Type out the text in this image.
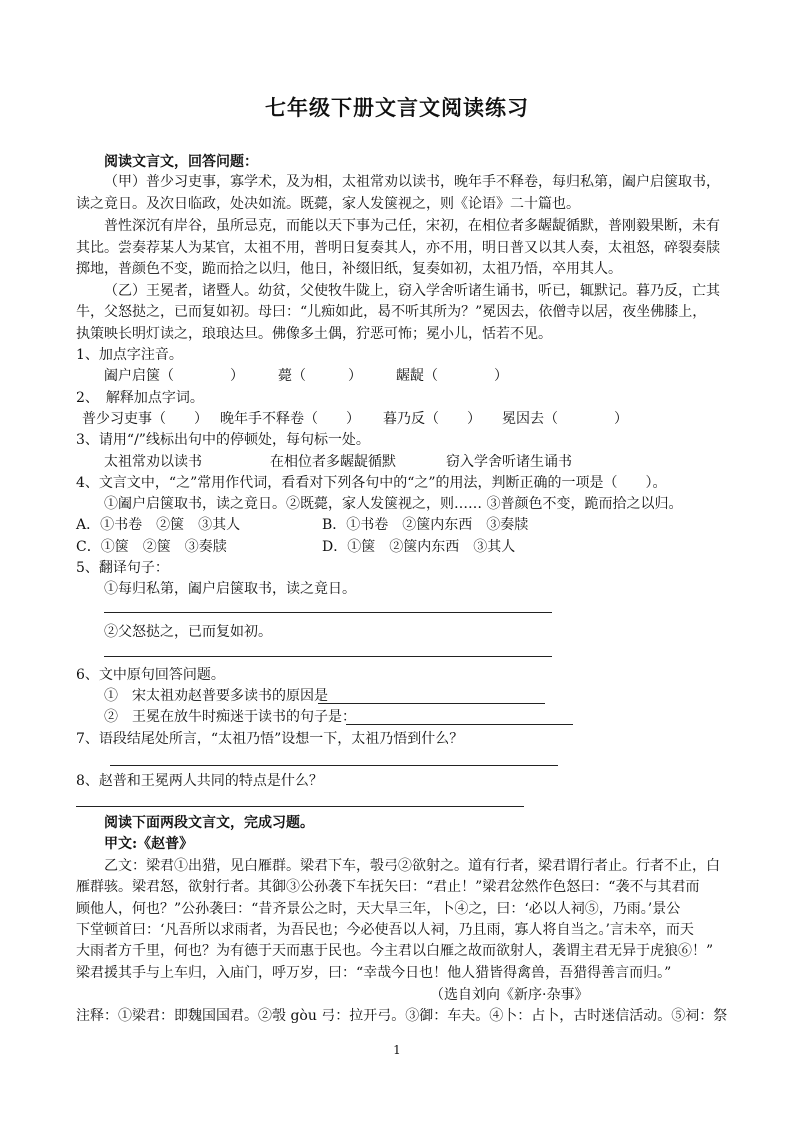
七年级下册文言文阅读练习
阅读文言文，回答问题：
（甲）普少习吏事，寡学术，及为相，太祖常劝以读书，晚年手不释卷，每归私第，阖户启箧取书，
读之竟日。及次日临政，处决如流。既薨，家人发箧视之，则《论语》二十篇也。
普性深沉有岸谷，虽所忌克，而能以天下事为己任，宋初，在相位者多龌龊循默，普刚毅果断，未有
其比。尝奏荐某人为某官，太祖不用，普明日复奏其人，亦不用，明日普又以其人奏，太祖怒，碎裂奏牍
掷地，普颜色不变，跪而拾之以归，他日，补缀旧纸，复奏如初，太祖乃悟，卒用其人。
（乙）王冕者，诸暨人。幼贫，父使牧牛陇上，窃入学舍听诸生诵书，听已，辄默记。暮乃反，亡其
牛，父怒挞之，已而复如初。母曰：“儿痴如此，曷不听其所为？”冕因去，依僧寺以居，夜坐佛膝上，
执策映长明灯读之，琅琅达旦。佛像多土偶，狞恶可怖；冕小儿，恬若不见。
1、加点字注音。
阖户启箧（　　　　） 薨（　　　） 龌龊（　　　　）
2、　解释加点字词。
普少习吏事（　　） 晚年手不释卷（　　） 暮乃反（　　） 冕因去（　　　　）
3、请用“/”线标出句中的停顿处，每句标一处。
太祖常劝以读书	在相位者多龌龊循默	窃入学舍听诸生诵书
4、文言文中，“之”常用作代词，看看对下列各句中的“之”的用法，判断正确的一项是（　　）。
①阖户启箧取书，读之竟日。②既薨，家人发箧视之，则…… ③普颜色不变，跪而拾之以归。
A．①书卷　②箧　③其人	B．①书卷　②箧内东西　③奏牍
C．①箧　②箧　③奏牍	D．①箧　②箧内东西　③其人
5、翻译句子：
①每归私第，阖户启箧取书，读之竟日。
②父怒挞之，已而复如初。
6、文中原句回答问题。
①　宋太祖劝赵普要多读书的原因是
②　王冕在放牛时痴迷于读书的句子是：
7、语段结尾处所言，“太祖乃悟”设想一下，太祖乃悟到什么？
8、赵普和王冕两人共同的特点是什么？
阅读下面两段文言文，完成习题。
甲文:《赵普》
乙文：梁君①出猎，见白雁群。梁君下车，彀弓②欲射之。道有行者，梁君谓行者止。行者不止，白
雁群骇。梁君怒，欲射行者。其御③公孙袭下车抚矢曰：“君止！”梁君忿然作色怒曰：“袭不与其君而
顾他人，何也？”公孙袭曰：“昔齐景公之时，天大旱三年，卜④之，曰：‘必以人祠⑤，乃雨。’景公
下堂顿首曰：‘凡吾所以求雨者，为吾民也；今必使吾以人祠，乃且雨，寡人将自当之。’言未卒，而天
大雨者方千里，何也？为有德于天而惠于民也。今主君以白雁之故而欲射人，袭谓主君无异于虎狼⑥！”
梁君援其手与上车归，入庙门，呼万岁，曰：“幸哉今日也！他人猎皆得禽兽，吾猎得善言而归。”
（选自刘向《新序·杂事》
注释：①梁君：即魏国国君。②彀 gòu 弓：拉开弓。③御：车夫。④卜：占卜，古时迷信活动。⑤祠：祭
1
